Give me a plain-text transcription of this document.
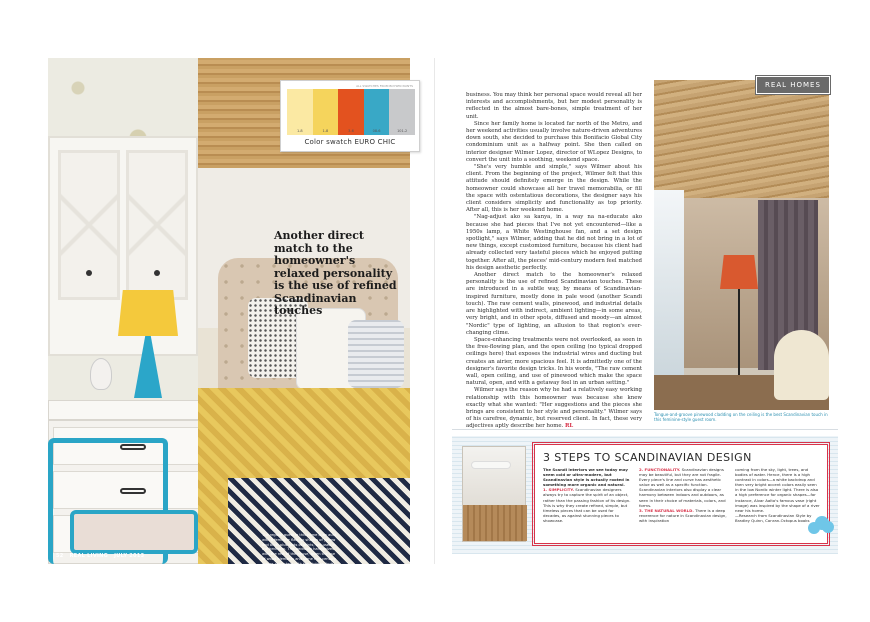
Another direct match to the homeowner's relaxed personality is the use of refined Scandinavian touches
The regular guest in this home is an aunt with a feminine flair, so shades of yellow and blue, plus hints of prints, are used in the bedroom. This bedroom harmonizes with the rest of the house, given the use of wood elements and some mid-century pieces consistent with the vintage finds showcased in the other areas of the condo.
52 REAL LIVING JULY 2013
ALL SWATCHES FROM BOYSEN PAINTS
1-8	1-8	3-6	08-6	101-2
Color swatch EURO CHIC

business. You may think her personal space would reveal all her interests and accomplishments, but her modest personality is reflected in the almost bare-bones, simple treatment of her unit.

Since her family home is located far north of the Metro, and her weekend activities usually involve nature-driven adventures down south, she decided to purchase this Bonifacio Global City condominium unit as a halfway point. She then called on interior designer Wilmer Lopez, director of WLopez Designs, to convert the unit into a soothing, weekend space.

"She's very humble and simple," says Wilmer about his client. From the beginning of the project, Wilmer felt that this attitude should definitely emerge in the design. While the homeowner could showcase all her travel memorabilia, or fill the space with ostentatious decorations, the designer says his client considers simplicity and functionality as top priority. After all, this is her weekend home.

"Nag-adjust ako sa kanya, in a way na na-educate ako because she had pieces that I've not yet encountered—like a 1950s lamp, a White Westinghouse fan, and a set design spotlight," says Wilmer, adding that he did not bring in a lot of new things, except customized furniture, because his client had already collected very tasteful pieces which he enjoyed putting together. After all, the pieces' mid-century modern feel matched his design aesthetic perfectly.

Another direct match to the homeowner's relaxed personality is the use of refined Scandinavian touches. These are introduced in a subtle way, by means of Scandinavian-inspired furniture, mostly done in pale wood (another Scandi touch). The raw cement walls, pinewood, and industrial details are highlighted with indirect, ambient lighting—in some areas, very bright, and in other spots, diffused and moody—an almost "Nordic" type of lighting, an allusion to that region's ever-changing clime.

Space-enhancing treatments were not overlooked, as seen in the free-flowing plan, and the open ceiling (no typical dropped ceilings here) that exposes the industrial wires and ducting but creates an airier, more spacious feel. It is admittedly one of the designer's favorite design tricks. In his words, "The raw cement wall, open ceiling, and use of pinewood which make the space natural, open, and with a getaway feel in an urban setting."

Wilmer says the reason why he had a relatively easy working relationship with this homeowner was because she knew exactly what she wanted: "Her suggestions and the pieces she brings are consistent to her style and personality." Wilmer says of his carefree, dynamic, but reserved client. In fact, these very adjectives aptly describe her home. RL

REAL HOMES
Tongue-and-groove pinewood cladding on the ceiling is the best Scandinavian touch in this feminine-style guest room.
3 STEPS TO SCANDINAVIAN DESIGN
The Scandi interiors we see today may seem cold or ultra-modern, but Scandinavian style is actually rooted in something more organic and natural.
1. SIMPLICITY. Scandinavian designers always try to capture the spirit of an object, rather than the passing fashion of its design. This is why they create refined, simple, but timeless pieces that can be used for decades, as against stunning pieces to showcase.
2. FUNCTIONALITY. Scandinavian designs may be beautiful, but they are not fragile. Every piece's line and curve has aesthetic value as well as a specific function. Scandinavian interiors also display a clear harmony between indoors and outdoors, as seen in their choice of materials, colors, and forms.
3. THE NATURAL WORLD. There is a deep reverence for nature in Scandinavian design, with inspiration
coming from the sky, light, trees, and bodies of water. Hence, there is a high contrast in colors—a white backdrop and then very bright accent colors easily seen in the low Nordic winter light. There is also a high preference for organic shapes—for instance, Alvar Aalto's famous vase (right image) was inspired by the shape of a river near his home.
—Research from Scandinavian Style by Bradley Quinn, Conran-Octopus books
